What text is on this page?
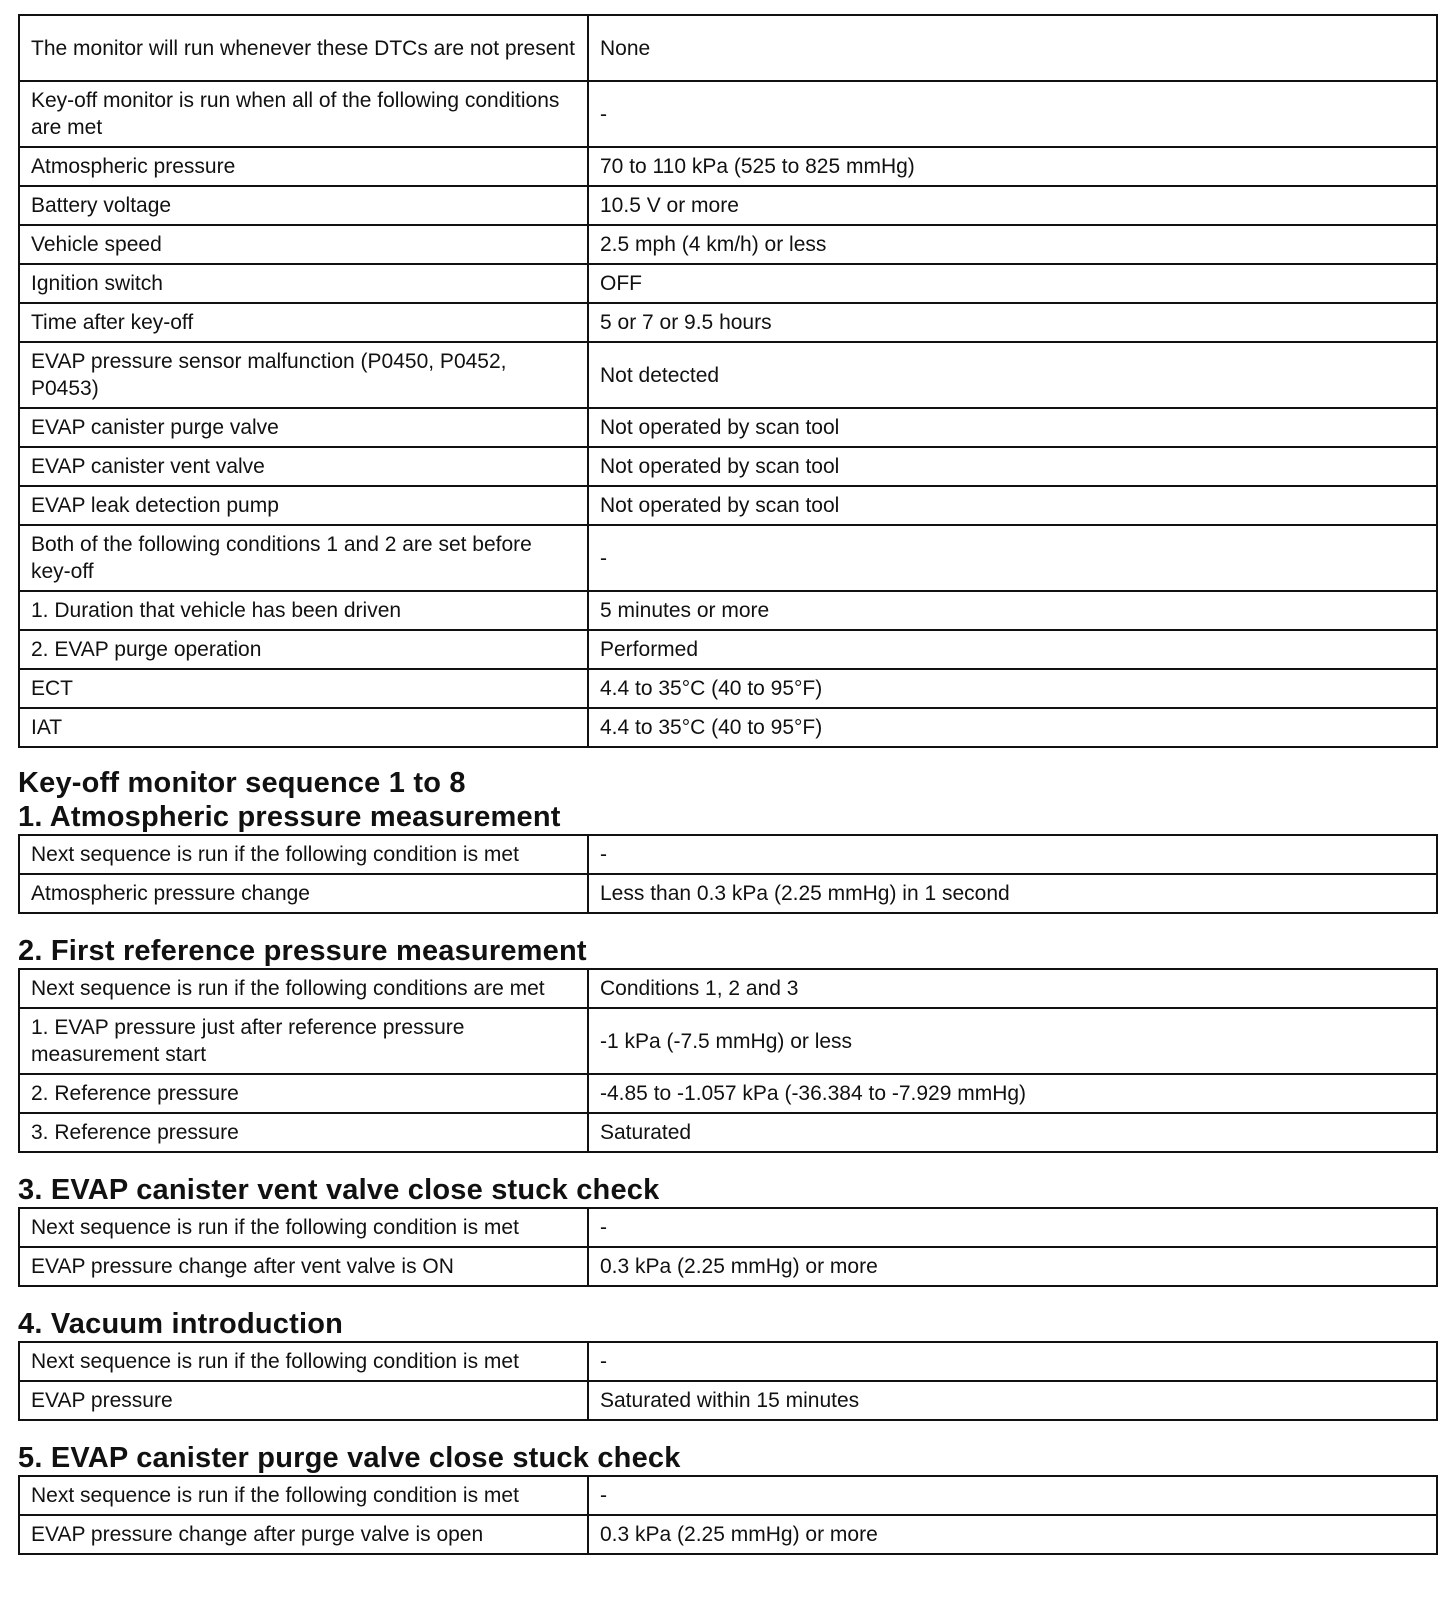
The monitor will run whenever these DTCs are not present	None
Key-off monitor is run when all of the following conditions are met	-
Atmospheric pressure	70 to 110 kPa (525 to 825 mmHg)
Battery voltage	10.5 V or more
Vehicle speed	2.5 mph (4 km/h) or less
Ignition switch	OFF
Time after key-off	5 or 7 or 9.5 hours
EVAP pressure sensor malfunction (P0450, P0452, P0453)	Not detected
EVAP canister purge valve	Not operated by scan tool
EVAP canister vent valve	Not operated by scan tool
EVAP leak detection pump	Not operated by scan tool
Both of the following conditions 1 and 2 are set before key-off	-
1. Duration that vehicle has been driven	5 minutes or more
2. EVAP purge operation	Performed
ECT	4.4 to 35°C (40 to 95°F)
IAT	4.4 to 35°C (40 to 95°F)
Key-off monitor sequence 1 to 8
1. Atmospheric pressure measurement
Next sequence is run if the following condition is met	-
Atmospheric pressure change	Less than 0.3 kPa (2.25 mmHg) in 1 second
2. First reference pressure measurement
Next sequence is run if the following conditions are met	Conditions 1, 2 and 3
1. EVAP pressure just after reference pressure measurement start	-1 kPa (-7.5 mmHg) or less
2. Reference pressure	-4.85 to -1.057 kPa (-36.384 to -7.929 mmHg)
3. Reference pressure	Saturated
3. EVAP canister vent valve close stuck check
Next sequence is run if the following condition is met	-
EVAP pressure change after vent valve is ON	0.3 kPa (2.25 mmHg) or more
4. Vacuum introduction
Next sequence is run if the following condition is met	-
EVAP pressure	Saturated within 15 minutes
5. EVAP canister purge valve close stuck check
Next sequence is run if the following condition is met	-
EVAP pressure change after purge valve is open	0.3 kPa (2.25 mmHg) or more
